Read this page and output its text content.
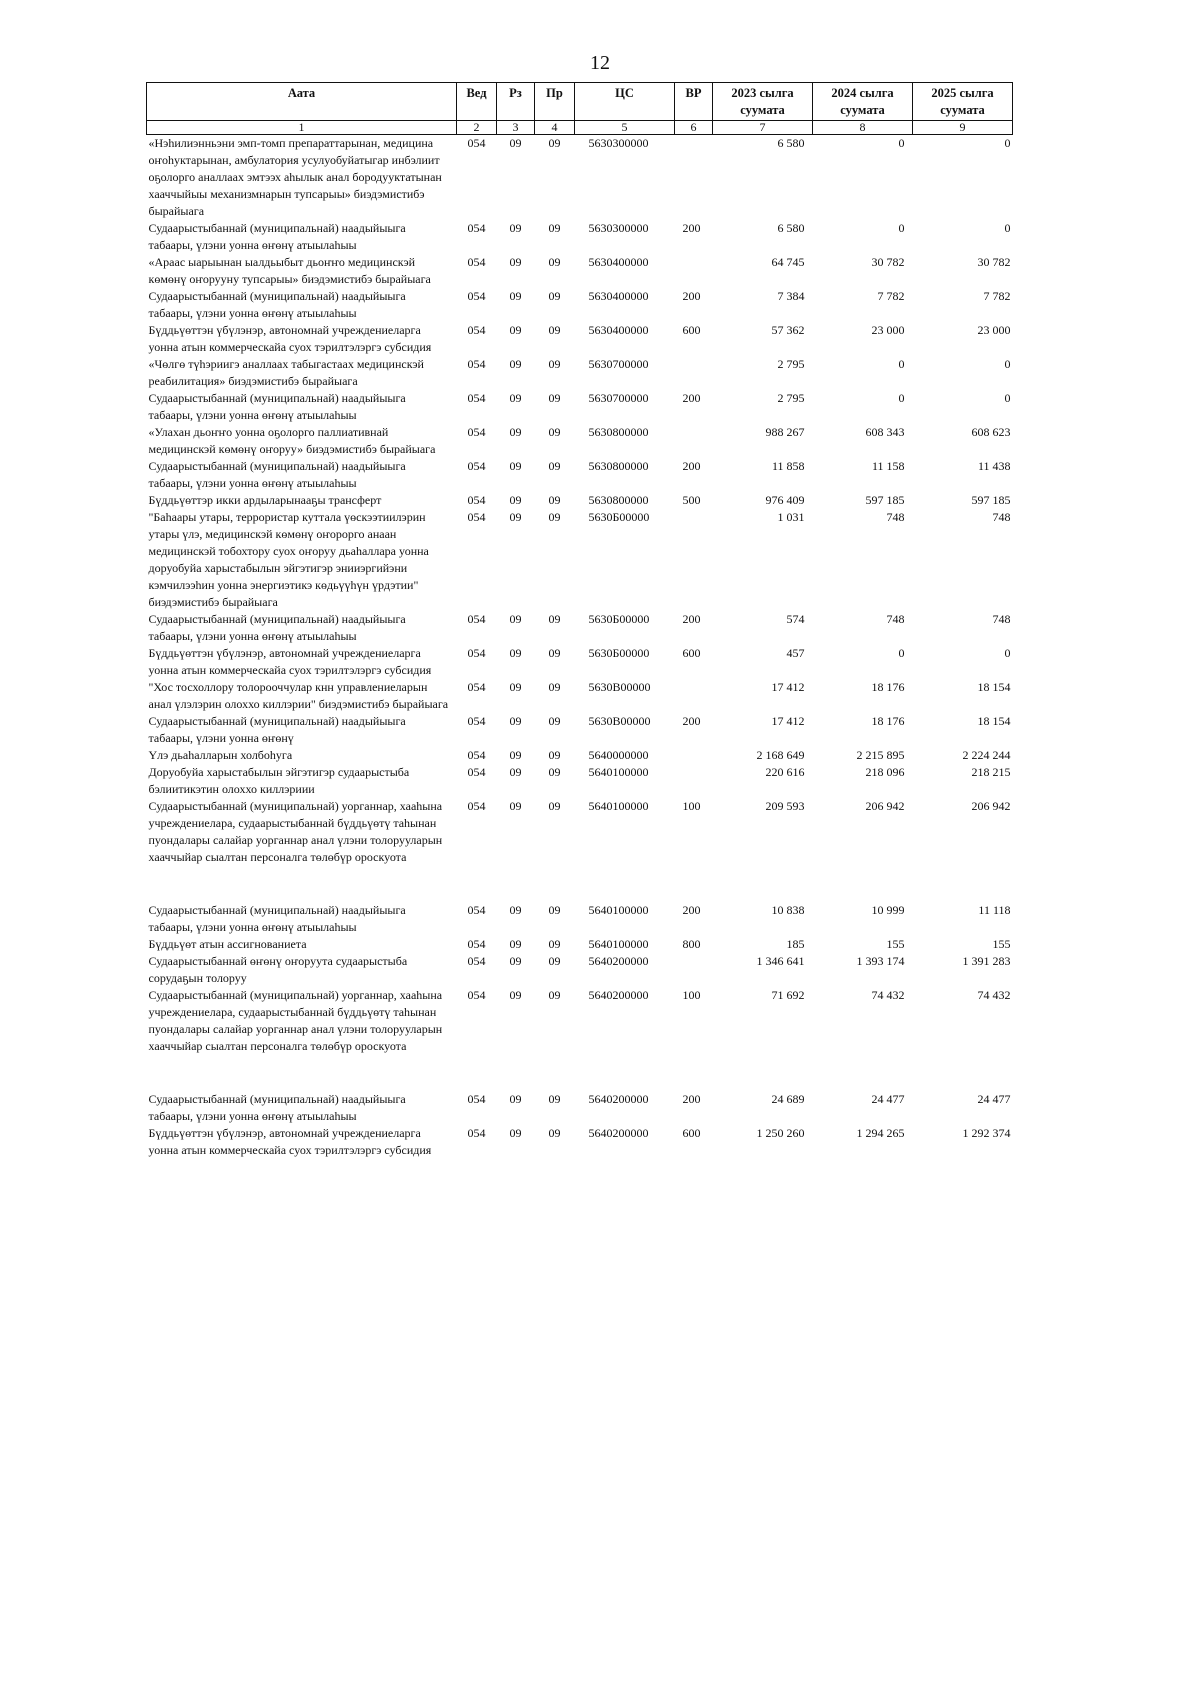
12
Аата	Вед	Рз	Пр	ЦС	ВР	2023 сылга суумата	2024 сылга суумата	2025 сылга суумата
1	2	3	4	5	6	7	8	9
«Нэһилиэнньэни эмп-томп препараттарынан, медицина оҥоһуктарынан, амбулатория усулуобуйатыгар инбэлиит оҕолорго аналлаах эмтээх аһылык анал бородууктатынан хааччыйыы механизмнарын тупсарыы» биэдэмистибэ бырайыага	054	09	09	5630300000		6 580	0	0
Судаарыстыбаннай (муниципальнай) наадыйыыга табаары, үлэни уонна өҥөнү атыылаһыы	054	09	09	5630300000	200	6 580	0	0
«Араас ыарыынан ыалдьыбыт дьоҥҥо медицинскэй көмөнү оҥорууну тупсарыы» биэдэмистибэ бырайыага	054	09	09	5630400000		64 745	30 782	30 782
Судаарыстыбаннай (муниципальнай) наадыйыыга табаары, үлэни уонна өҥөнү атыылаһыы	054	09	09	5630400000	200	7 384	7 782	7 782
Бүддьүөттэн үбүлэнэр, автономнай учреждениеларга уонна атын коммерческайа суох тэрилтэлэргэ субсидия	054	09	09	5630400000	600	57 362	23 000	23 000
«Чөлгө түһэриигэ аналлаах табыгастаах медицинскэй реабилитация» биэдэмистибэ бырайыага	054	09	09	5630700000		2 795	0	0
Судаарыстыбаннай (муниципальнай) наадыйыыга табаары, үлэни уонна өҥөнү атыылаһыы	054	09	09	5630700000	200	2 795	0	0
«Улахан дьоҥҥо уонна оҕолорго паллиативнай медицинскэй көмөнү оҥоруу» биэдэмистибэ бырайыага	054	09	09	5630800000		988 267	608 343	608 623
Судаарыстыбаннай (муниципальнай) наадыйыыга табаары, үлэни уонна өҥөнү атыылаһыы	054	09	09	5630800000	200	11 858	11 158	11 438
Бүддьүөттэр икки ардыларынааҕы трансферт	054	09	09	5630800000	500	976 409	597 185	597 185
"Баһаары утары, террористар куттала үөскээтиилэрин утары үлэ, медицинскэй көмөнү оҥорорго анаан медицинскэй тобохтору суох оҥоруу дьаһаллара уонна доруобуйа харыстабылын эйгэтигэр энииэргийэни кэмчилээһин уонна энергиэтикэ көдьүүһүн үрдэтии" биэдэмистибэ бырайыага	054	09	09	5630Б00000		1 031	748	748
Судаарыстыбаннай (муниципальнай) наадыйыыга табаары, үлэни уонна өҥөнү атыылаһыы	054	09	09	5630Б00000	200	574	748	748
Бүддьүөттэн үбүлэнэр, автономнай учреждениеларга уонна атын коммерческайа суох тэрилтэлэргэ субсидия	054	09	09	5630Б00000	600	457	0	0
"Хос тосхоллору толорооччулар кнн управлениеларын анал үлэлэрин олоххо киллэрии" биэдэмистибэ бырайыага	054	09	09	5630В00000		17 412	18 176	18 154
Судаарыстыбаннай (муниципальнай) наадыйыыга табаары, үлэни уонна өҥөнү	054	09	09	5630В00000	200	17 412	18 176	18 154
Үлэ дьаһалларын холбоһуга	054	09	09	5640000000		2 168 649	2 215 895	2 224 244
Доруобуйа харыстабылын эйгэтигэр судаарыстыба бэлиитикэтин олоххо киллэриии	054	09	09	5640100000		220 616	218 096	218 215
Судаарыстыбаннай (муниципальнай) уорганнар, хааһына учреждениелара, судаарыстыбаннай бүддьүөтү таһынан пуондалары салайар уорганнар анал үлэни толорууларын хааччыйар сыалтан персоналга төлөбүр ороскуота	054	09	09	5640100000	100	209 593	206 942	206 942
Судаарыстыбаннай (муниципальнай) наадыйыыга табаары, үлэни уонна өҥөнү атыылаһыы	054	09	09	5640100000	200	10 838	10 999	11 118
Бүддьүөт атын ассигнованиета	054	09	09	5640100000	800	185	155	155
Судаарыстыбаннай өҥөнү оҥоруута судаарыстыба сорудаҕын толоруу	054	09	09	5640200000		1 346 641	1 393 174	1 391 283
Судаарыстыбаннай (муниципальнай) уорганнар, хааһына учреждениелара, судаарыстыбаннай бүддьүөтү таһынан пуондалары салайар уорганнар анал үлэни толорууларын хааччыйар сыалтан персоналга төлөбүр ороскуота	054	09	09	5640200000	100	71 692	74 432	74 432
Судаарыстыбаннай (муниципальнай) наадыйыыга табаары, үлэни уонна өҥөнү атыылаһыы	054	09	09	5640200000	200	24 689	24 477	24 477
Бүддьүөттэн үбүлэнэр, автономнай учреждениеларга уонна атын коммерческайа суох тэрилтэлэргэ субсидия	054	09	09	5640200000	600	1 250 260	1 294 265	1 292 374
